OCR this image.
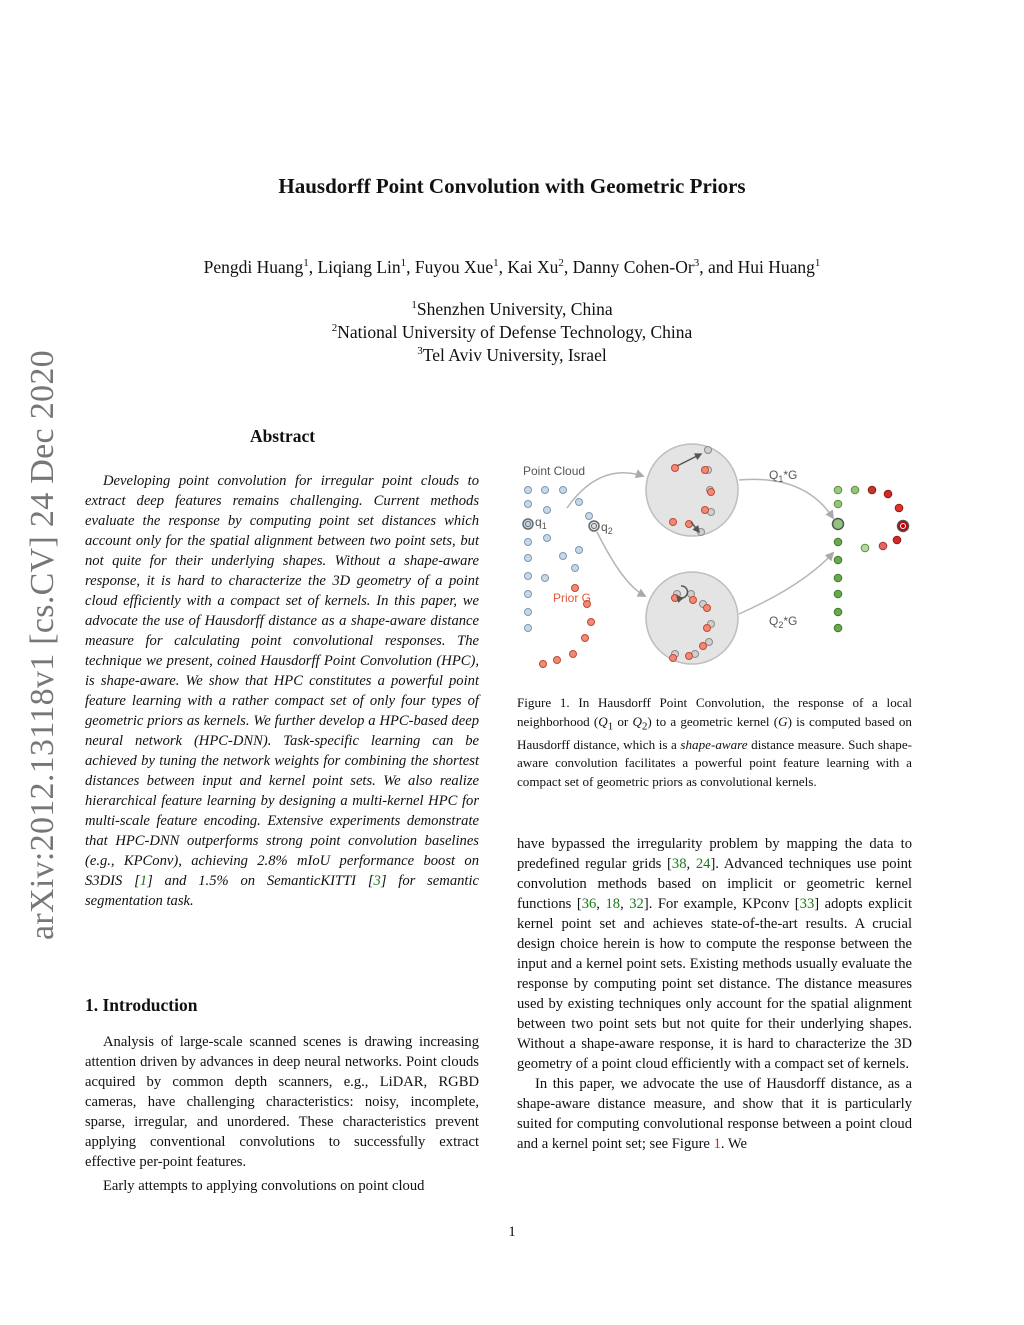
Hausdorff Point Convolution with Geometric Priors
Pengdi Huang$^1$, Liqiang Lin$^1$, Fuyou Xue$^1$, Kai Xu$^2$, Danny Cohen-Or$^3$, and Hui Huang$^1$
$^1$Shenzhen University, China
$^2$National University of Defense Technology, China
$^3$Tel Aviv University, Israel
arXiv:2012.13118v1 [cs.CV] 24 Dec 2020	Abstract
Developing point convolution for irregular point clouds to extract deep features remains challenging. Current methods evaluate the response by computing point set distances which account only for the spatial alignment between two point sets, but not quite for their underlying shapes. Without a shape-aware response, it is hard to characterize the 3D geometry of a point cloud efficiently with a compact set of kernels. In this paper, we advocate the use of Hausdorff distance as a shape-aware distance measure for calculating point convolutional responses. The technique we present, coined Hausdorff Point Convolution (HPC), is shape-aware. We show that HPC constitutes a powerful point feature learning with a rather compact set of only four types of geometric priors as kernels. We further develop a HPC-based deep neural network (HPC-DNN). Task-specific learning can be achieved by tuning the network weights for combining the shortest distances between input and kernel point sets. We also realize hierarchical feature learning by designing a multi-kernel HPC for multi-scale feature encoding. Extensive experiments demonstrate that HPC-DNN outperforms strong point convolution baselines (e.g., KPConv), achieving 2.8% mIoU performance boost on S3DIS [1] and 1.5% on SemanticKITTI [3] for semantic segmentation task.
1. Introduction

Analysis of large-scale scanned scenes is drawing increasing attention driven by advances in deep neural networks. Point clouds acquired by common depth scanners, e.g., LiDAR, RGBD cameras, have challenging characteristics: noisy, incomplete, sparse, irregular, and unordered. These characteristics prevent applying conventional convolutions to successfully extract effective per-point features.

Early attempts to applying convolutions on point cloud

Point Cloud
$q_1$	$q_2$
Prior G
$Q_1*G$
$Q_2*G$
Figure 1. In Hausdorff Point Convolution, the response of a local neighborhood ($Q_1$ or $Q_2$) to a geometric kernel (G) is computed based on Hausdorff distance, which is a shape-aware distance measure. Such shape-aware convolution facilitates a powerful point feature learning with a compact set of geometric priors as convolutional kernels.

have bypassed the irregularity problem by mapping the data to predefined regular grids [38, 24]. Advanced techniques use point convolution methods based on implicit or geometric kernel functions [36, 18, 32]. For example, KPconv [33] adopts explicit kernel point set and achieves state-of-the-art results. A crucial design choice herein is how to compute the response between the input and a kernel point sets. Existing methods usually evaluate the response by computing point set distance. The distance measures used by existing techniques only account for the spatial alignment between two point sets but not quite for their underlying shapes. Without a shape-aware response, it is hard to characterize the 3D geometry of a point cloud efficiently with a compact set of kernels.

In this paper, we advocate the use of Hausdorff distance, as a shape-aware distance measure, and show that it is particularly suited for computing convolutional response between a point cloud and a kernel point set; see Figure 1. We

1
